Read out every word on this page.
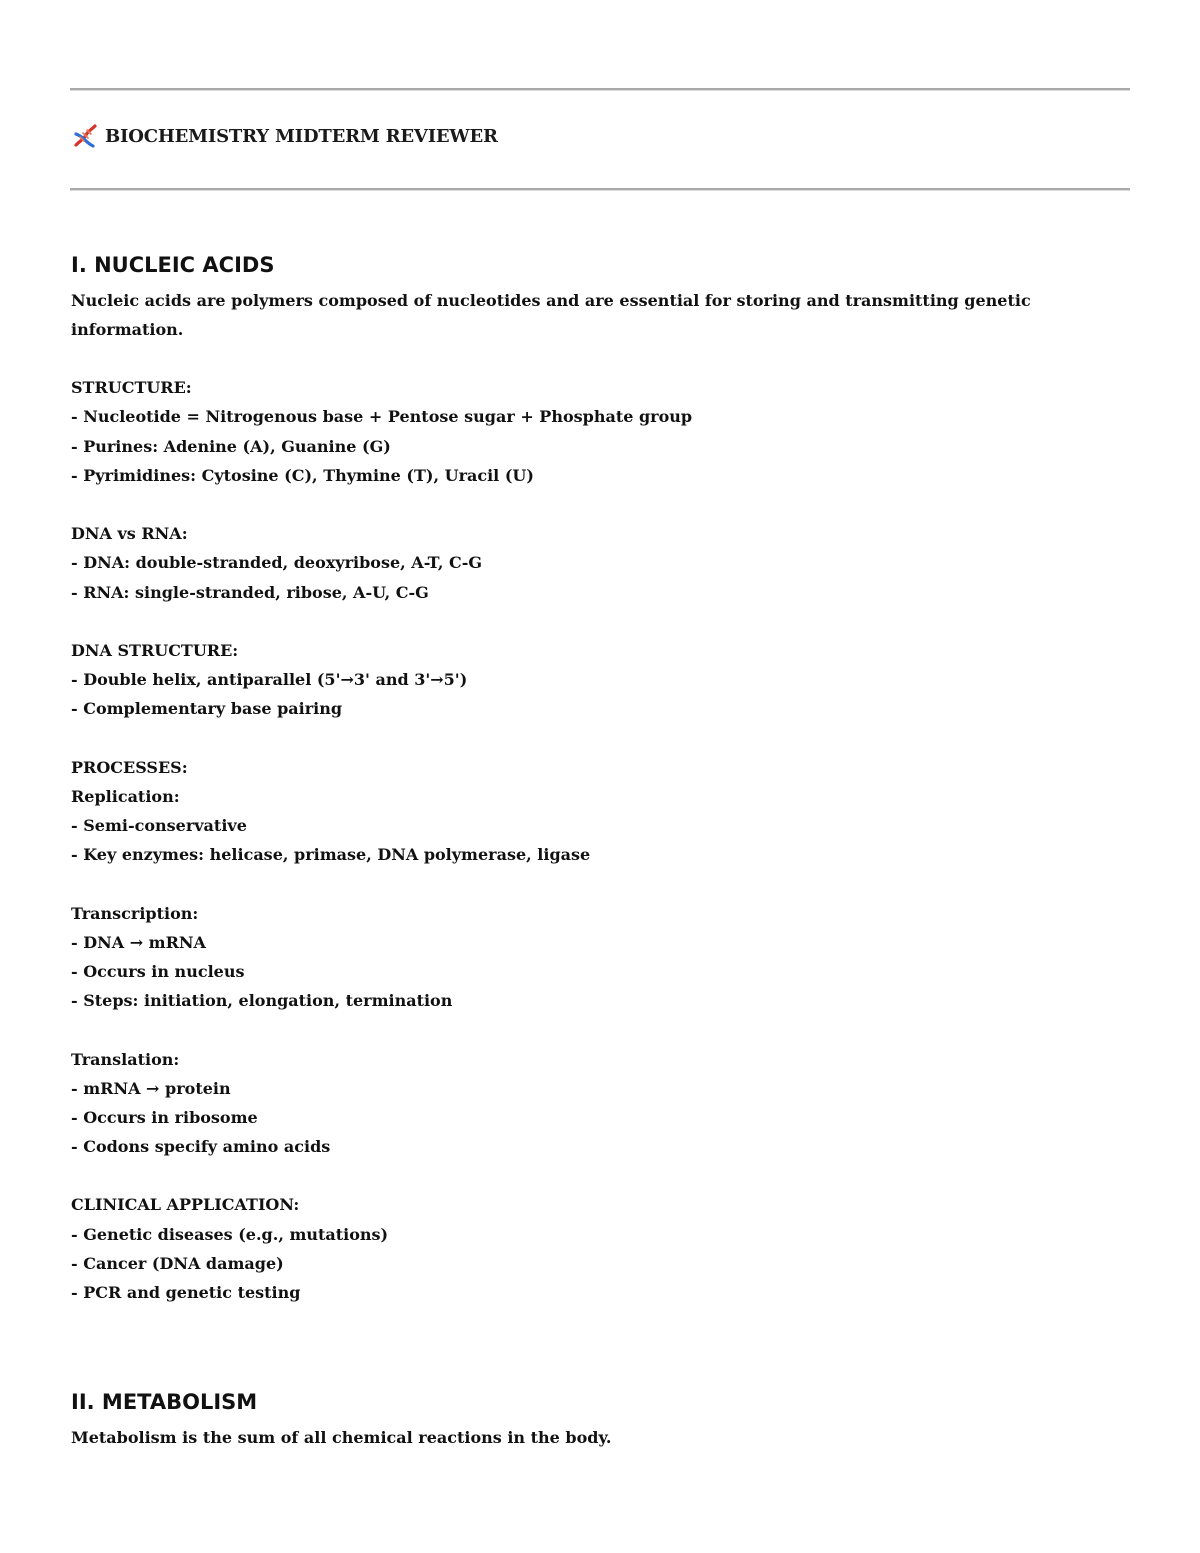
BIOCHEMISTRY MIDTERM REVIEWER
I. NUCLEIC ACIDS

Nucleic acids are polymers composed of nucleotides and are essential for storing and transmitting genetic information.

STRUCTURE:
- Nucleotide = Nitrogenous base + Pentose sugar + Phosphate group
- Purines: Adenine (A), Guanine (G)
- Pyrimidines: Cytosine (C), Thymine (T), Uracil (U)
DNA vs RNA:
- DNA: double-stranded, deoxyribose, A-T, C-G
- RNA: single-stranded, ribose, A-U, C-G
DNA STRUCTURE:
- Double helix, antiparallel (5'→3' and 3'→5')
- Complementary base pairing
PROCESSES:
Replication:
- Semi-conservative
- Key enzymes: helicase, primase, DNA polymerase, ligase
Transcription:
- DNA → mRNA
- Occurs in nucleus
- Steps: initiation, elongation, termination
Translation:
- mRNA → protein
- Occurs in ribosome
- Codons specify amino acids
CLINICAL APPLICATION:
- Genetic diseases (e.g., mutations)
- Cancer (DNA damage)
- PCR and genetic testing
II. METABOLISM

Metabolism is the sum of all chemical reactions in the body.
